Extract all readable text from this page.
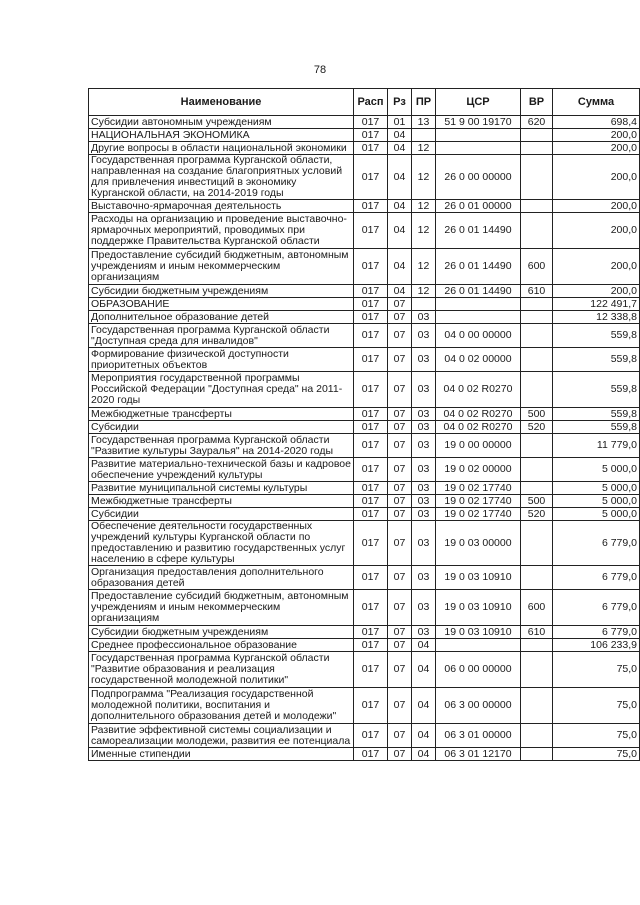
78
Наименование	Расп	Рз	ПР	ЦСР	ВР	Сумма
Субсидии автономным учреждениям	017	01	13	51 9 00 19170	620	698,4
НАЦИОНАЛЬНАЯ ЭКОНОМИКА	017	04				200,0
Другие вопросы в области национальной экономики	017	04	12			200,0
Государственная программа Курганской области, направленная на создание благоприятных условий для привлечения инвестиций в экономику Курганской области, на 2014-2019 годы	017	04	12	26 0 00 00000		200,0
Выставочно-ярмарочная деятельность	017	04	12	26 0 01 00000		200,0
Расходы на организацию и проведение выставочно-ярмарочных мероприятий, проводимых при поддержке Правительства Курганской области	017	04	12	26 0 01 14490		200,0
Предоставление субсидий бюджетным, автономным учреждениям и иным некоммерческим организациям	017	04	12	26 0 01 14490	600	200,0
Субсидии бюджетным учреждениям	017	04	12	26 0 01 14490	610	200,0
ОБРАЗОВАНИЕ	017	07				122 491,7
Дополнительное образование детей	017	07	03			12 338,8
Государственная программа Курганской области "Доступная среда для инвалидов"	017	07	03	04 0 00 00000		559,8
Формирование физической доступности приоритетных объектов	017	07	03	04 0 02 00000		559,8
Мероприятия государственной программы Российской Федерации "Доступная среда" на 2011-2020 годы	017	07	03	04 0 02 R0270		559,8
Межбюджетные трансферты	017	07	03	04 0 02 R0270	500	559,8
Субсидии	017	07	03	04 0 02 R0270	520	559,8
Государственная программа Курганской области "Развитие культуры Зауралья" на 2014-2020 годы	017	07	03	19 0 00 00000		11 779,0
Развитие материально-технической базы и кадровое обеспечение учреждений культуры	017	07	03	19 0 02 00000		5 000,0
Развитие муниципальной системы культуры	017	07	03	19 0 02 17740		5 000,0
Межбюджетные трансферты	017	07	03	19 0 02 17740	500	5 000,0
Субсидии	017	07	03	19 0 02 17740	520	5 000,0
Обеспечение деятельности государственных учреждений культуры Курганской области по предоставлению и развитию государственных услуг населению в сфере культуры	017	07	03	19 0 03 00000		6 779,0
Организация предоставления дополнительного образования детей	017	07	03	19 0 03 10910		6 779,0
Предоставление субсидий бюджетным, автономным учреждениям и иным некоммерческим организациям	017	07	03	19 0 03 10910	600	6 779,0
Субсидии бюджетным учреждениям	017	07	03	19 0 03 10910	610	6 779,0
Среднее профессиональное образование	017	07	04			106 233,9
Государственная программа Курганской области "Развитие образования и реализация государственной молодежной политики"	017	07	04	06 0 00 00000		75,0
Подпрограмма "Реализация государственной молодежной политики, воспитания и дополнительного образования детей и молодежи"	017	07	04	06 3 00 00000		75,0
Развитие эффективной системы социализации и самореализации молодежи, развития ее потенциала	017	07	04	06 3 01 00000		75,0
Именные стипендии	017	07	04	06 3 01 12170		75,0
